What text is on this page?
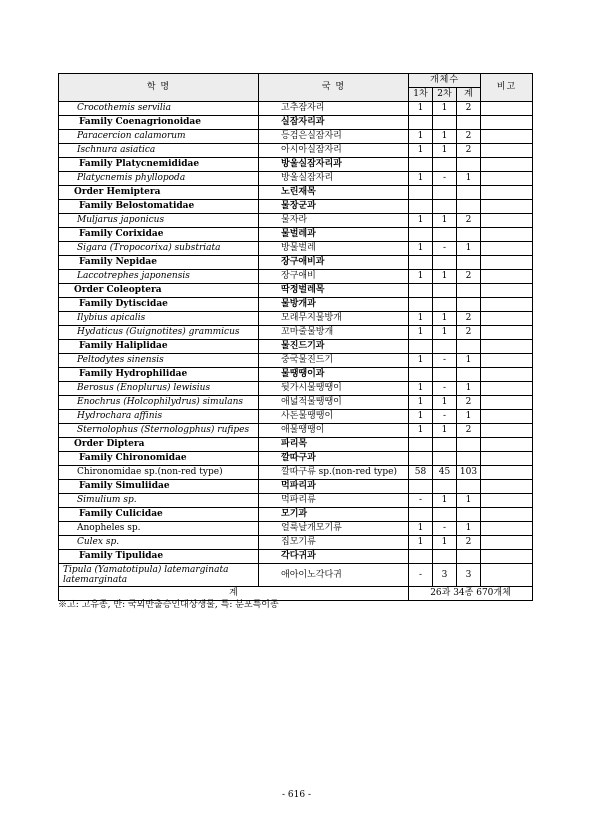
학 명	국 명	개체수			비고
		1차	2차	계	
Crocothemis servilia	고추잠자리	1	1	2	
Family Coenagrionoidae	실잠자리과				
Paracercion calamorum	등검은실잠자리	1	1	2	
Ischnura asiatica	아시아실잠자리	1	1	2	
Family Platycnemididae	방울실잠자리과				
Platycnemis phyllopoda	방울실잠자리	1	-	1	
Order Hemiptera	노린재목				
Family Belostomatidae	물장군과				
Muljarus japonicus	물자라	1	1	2	
Family Corixidae	물벌레과				
Sigara (Tropocorixa) substriata	방물벌레	1	-	1	
Family Nepidae	장구애비과				
Laccotrephes japonensis	장구애비	1	1	2	
Order Coleoptera	딱정벌레목				
Family Dytiscidae	물방개과				
Ilybius apicalis	모래무지물방개	1	1	2	
Hydaticus (Guignotites) grammicus	꼬마줄물방개	1	1	2	
Family Haliplidae	물진드기과				
Peltodytes sinensis	중국물진드기	1	-	1	
Family Hydrophilidae	물땡땡이과				
Berosus (Enoplurus) lewisius	뒷가시물땡땡이	1	-	1	
Enochrus (Holcophilydrus) simulans	애넓적물땡땡이	1	1	2	
Hydrochara affinis	사돈물땡땡이	1	-	1	
Sternolophus (Sternologphus) rufipes	애물땡땡이	1	1	2	
Order Diptera	파리목				
Family Chironomidae	깔따구과				
Chironomidae sp.(non-red type)	깔따구류 sp.(non-red type)	58	45	103	
Family Simuliidae	먹파리과				
Simulium sp.	먹파리류	-	1	1	
Family Culicidae	모기과				
Anopheles sp.	얼룩날개모기류	1	-	1	
Culex sp.	집모기류	1	1	2	
Family Tipulidae	각다귀과				
Tipula (Yamatotipula) latemarginata latemarginata	애아이노각다귀	-	3	3	
계		26과 34종 670개체			
※고: 고유종, 반: 국외반출승인대상생물, 특: 분포특이종
- 616 -
